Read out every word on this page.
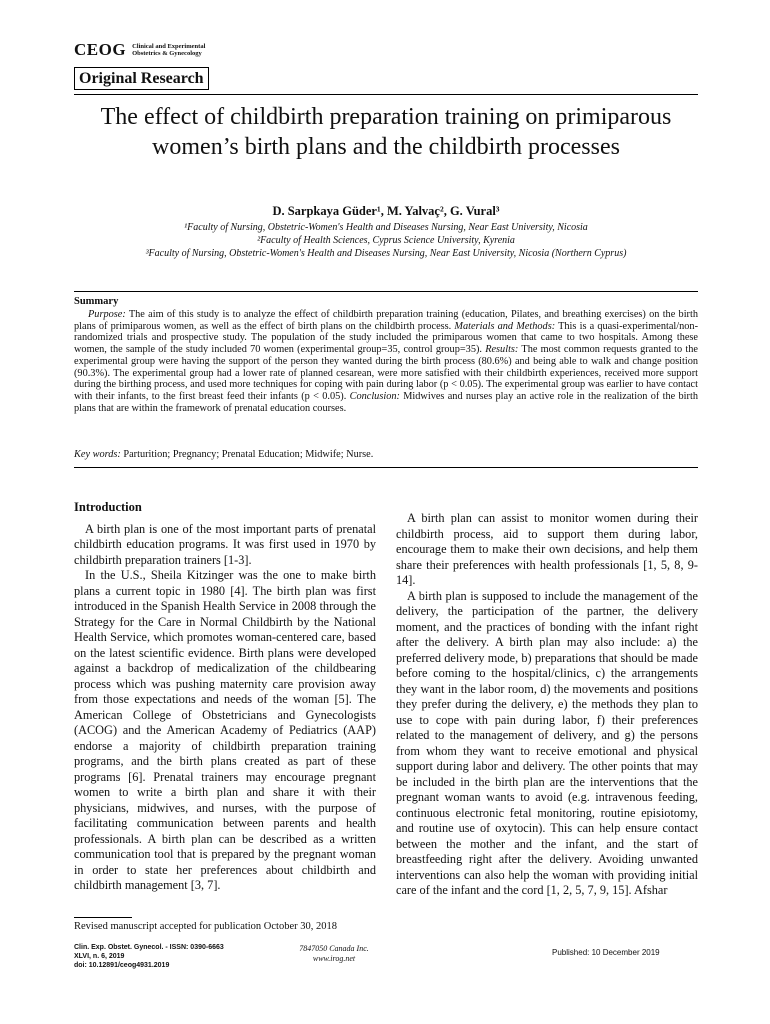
CEOG Clinical and Experimental
Obstetrics & Gynecology
Original Research
The effect of childbirth preparation training on primiparous
women’s birth plans and the childbirth processes
D. Sarpkaya Güder¹, M. Yalvaç², G. Vural³
¹Faculty of Nursing, Obstetric-Women's Health and Diseases Nursing, Near East University, Nicosia
²Faculty of Health Sciences, Cyprus Science University, Kyrenia
³Faculty of Nursing, Obstetric-Women's Health and Diseases Nursing, Near East University, Nicosia (Northern Cyprus)
Summary
Purpose: The aim of this study is to analyze the effect of childbirth preparation training (education, Pilates, and breathing exercises) on the birth plans of primiparous women, as well as the effect of birth plans on the childbirth process. Materials and Methods: This is a quasi-experimental/non-randomized trials and prospective study. The population of the study included the primiparous women that came to two hospitals. Among these women, the sample of the study included 70 women (experimental group=35, control group=35). Results: The most common requests granted to the experimental group were having the support of the person they wanted during the birth process (80.6%) and being able to walk and change position (90.3%). The experimental group had a lower rate of planned cesarean, were more satisfied with their childbirth experiences, received more support during the birthing process, and used more techniques for coping with pain during labor (p < 0.05). The experimental group was earlier to have contact with their infants, to the first breast feed their infants (p < 0.05). Conclusion: Midwives and nurses play an active role in the realization of the birth plans that are within the framework of prenatal education courses.
Key words: Parturition; Pregnancy; Prenatal Education; Midwife; Nurse.
Introduction

A birth plan is one of the most important parts of prenatal childbirth education programs. It was first used in 1970 by childbirth preparation trainers [1-3].

In the U.S., Sheila Kitzinger was the one to make birth plans a current topic in 1980 [4]. The birth plan was first introduced in the Spanish Health Service in 2008 through the Strategy for the Care in Normal Childbirth by the National Health Service, which promotes woman-centered care, based on the latest scientific evidence. Birth plans were developed against a backdrop of medicalization of the childbearing process which was pushing maternity care provision away from those expectations and needs of the woman [5]. The American College of Obstetricians and Gynecologists (ACOG) and the American Academy of Pediatrics (AAP) endorse a majority of childbirth preparation training programs, and the birth plans created as part of these programs [6]. Prenatal trainers may encourage pregnant women to write a birth plan and share it with their physicians, midwives, and nurses, with the purpose of facilitating communication between parents and health professionals. A birth plan can be described as a written communication tool that is prepared by the pregnant woman in order to state her preferences about childbirth and childbirth management [3, 7].

A birth plan can assist to monitor women during their childbirth process, aid to support them during labor, encourage them to make their own decisions, and help them share their preferences with health professionals [1, 5, 8, 9-14].

A birth plan is supposed to include the management of the delivery, the participation of the partner, the delivery moment, and the practices of bonding with the infant right after the delivery. A birth plan may also include: a) the preferred delivery mode, b) preparations that should be made before coming to the hospital/clinics, c) the arrangements they want in the labor room, d) the movements and positions they prefer during the delivery, e) the methods they plan to use to cope with pain during labor, f) their preferences related to the management of delivery, and g) the persons from whom they want to receive emotional and physical support during labor and delivery. The other points that may be included in the birth plan are the interventions that the pregnant woman wants to avoid (e.g. intravenous feeding, continuous electronic fetal monitoring, routine episiotomy, and routine use of oxytocin). This can help ensure contact between the mother and the infant, and the start of breastfeeding right after the delivery. Avoiding unwanted interventions can also help the woman with providing initial care of the infant and the cord [1, 2, 5, 7, 9, 15]. Afshar

Revised manuscript accepted for publication October 30, 2018
Clin. Exp. Obstet. Gynecol. - ISSN: 0390-6663
XLVI, n. 6, 2019
doi: 10.12891/ceog4931.2019
7847050 Canada Inc.
www.irog.net
Published: 10 December 2019
